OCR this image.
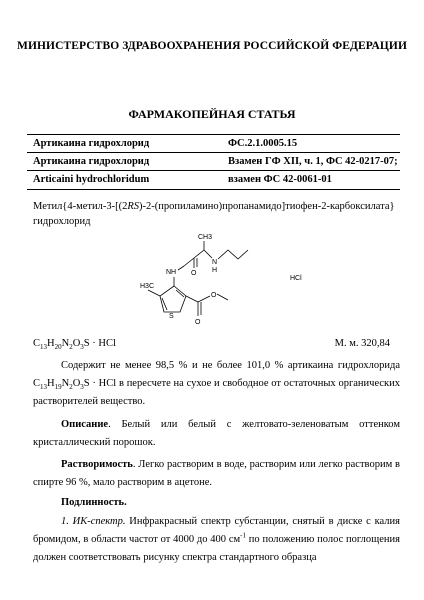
МИНИСТЕРСТВО ЗДРАВООХРАНЕНИЯ РОССИЙСКОЙ ФЕДЕРАЦИИ
ФАРМАКОПЕЙНАЯ СТАТЬЯ
Артикаина гидрохлорид	ФС.2.1.0005.15
Артикаина гидрохлорид	Взамен ГФ XII, ч. 1, ФС 42-0217-07;
Articaini hydrochloridum	взамен ФС 42-0061-01
Метил{4-метил-3-[(2RS)-2-(пропиламино)пропанамидо]тиофен-2-карбоксилата} гидрохлорид
CH3
O
N
H
NH
S
H3C
O
O
HCl
$C_{13}H_{20}N_2O_3S$ · HCl	М. м. 320,84
Содержит не менее 98,5 % и не более 101,0 % артикаина гидрохлорида $C_{13}H_{19}N_2O_3S$ · HCl в пересчете на сухое и свободное от остаточных органических растворителей вещество.
Описание. Белый или белый с желтовато-зеленоватым оттенком кристаллический порошок.
Растворимость. Легко растворим в воде, растворим или легко растворим в спирте 96 %, мало растворим в ацетоне.
Подлинность.
1. ИК-спектр. Инфракрасный спектр субстанции, снятый в диске с калия бромидом, в области частот от 4000 до 400 $см^{-1}$ по положению полос поглощения должен соответствовать рисунку спектра стандартного образца
